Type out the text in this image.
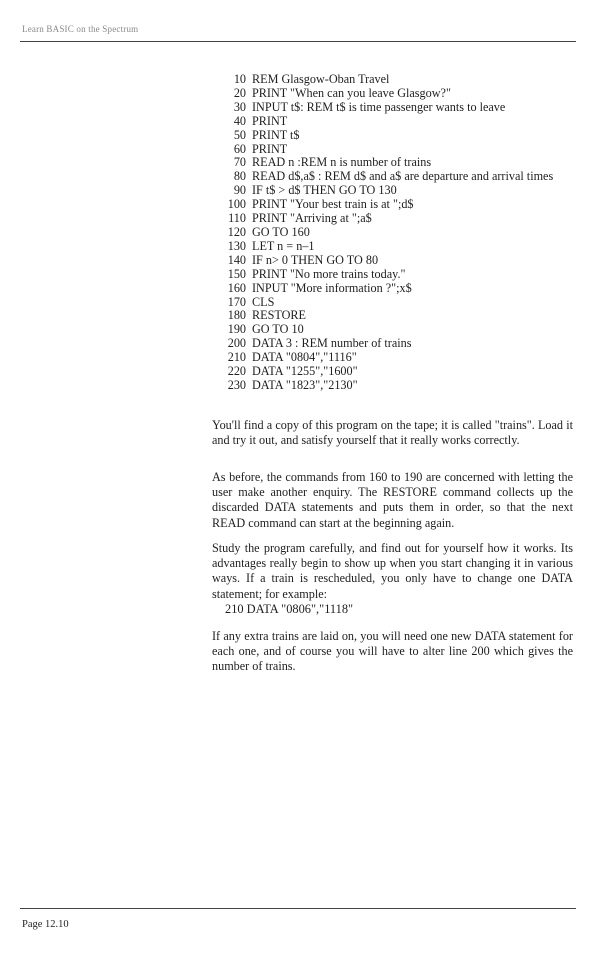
Learn BASIC on the Spectrum
10 REM Glasgow-Oban Travel
20 PRINT "When can you leave Glasgow?"
30 INPUT t$: REM t$ is time passenger wants to leave
40 PRINT
50 PRINT t$
60 PRINT
70 READ n :REM n is number of trains
80 READ d$,a$ : REM d$ and a$ are departure and arrival times
90 IF t$ > d$ THEN GO TO 130
100 PRINT "Your best train is at ";d$
110 PRINT "Arriving at ";a$
120 GO TO 160
130 LET n = n–1
140 IF n> 0 THEN GO TO 80
150 PRINT "No more trains today."
160 INPUT "More information ?";x$
170 CLS
180 RESTORE
190 GO TO 10
200 DATA 3 : REM number of trains
210 DATA "0804","1116"
220 DATA "1255","1600"
230 DATA "1823","2130"

You'll find a copy of this program on the tape; it is called "trains". Load it and try it out, and satisfy yourself that it really works correctly.

As before, the commands from 160 to 190 are concerned with letting the user make another enquiry. The RESTORE command collects up the discarded DATA statements and puts them in order, so that the next READ command can start at the beginning again.

Study the program carefully, and find out for yourself how it works. Its advantages really begin to show up when you start changing it in various ways. If a train is rescheduled, you only have to change one DATA statement; for example:

210 DATA "0806","1118"

If any extra trains are laid on, you will need one new DATA statement for each one, and of course you will have to alter line 200 which gives the number of trains.

Page 12.10
